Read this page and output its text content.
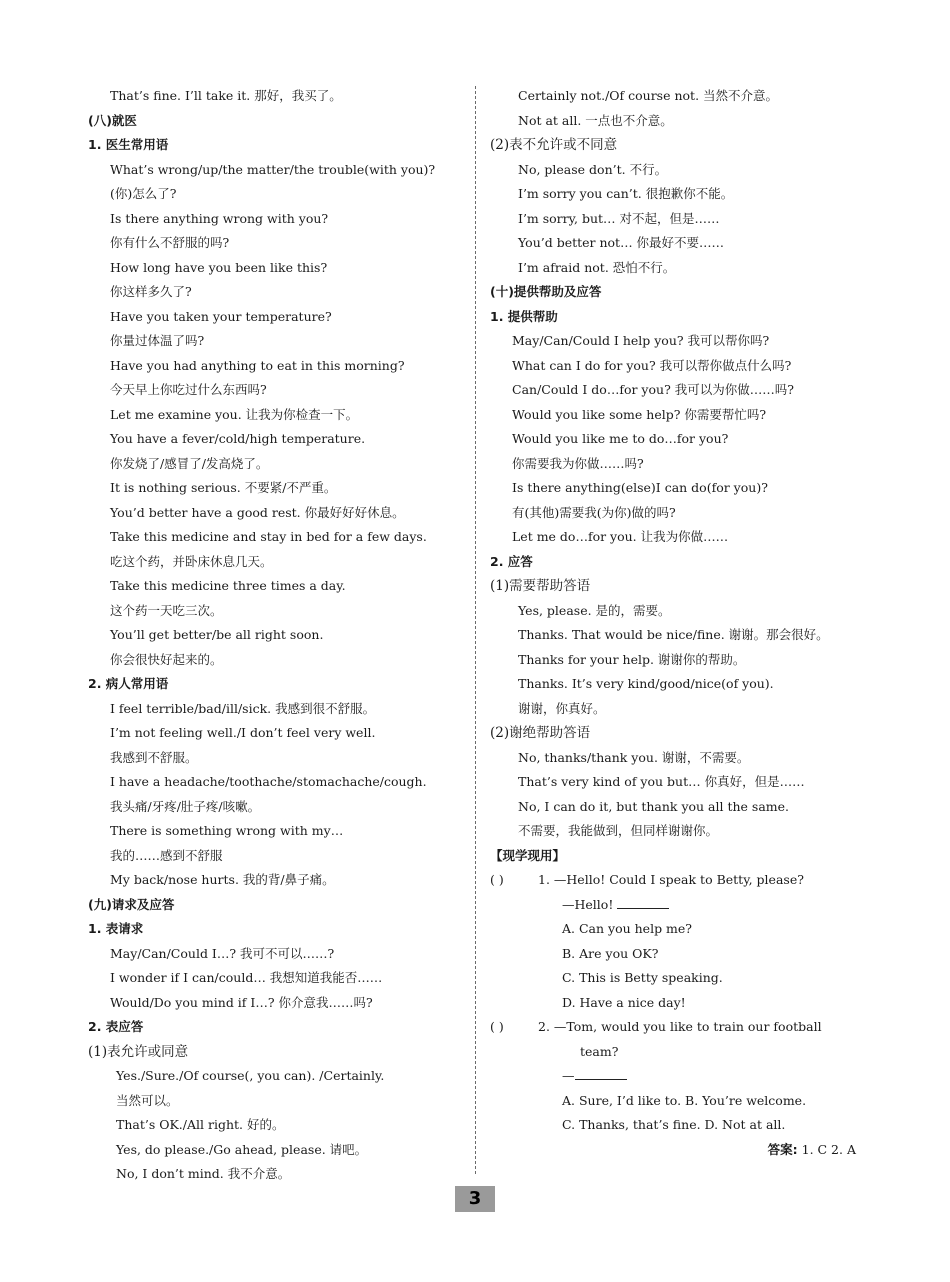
That’s fine. I’ll take it. 那好，我买了。
(八)就医
1. 医生常用语
What’s wrong/up/the matter/the trouble(with you)?
(你)怎么了?
Is there anything wrong with you?
你有什么不舒服的吗?
How long have you been like this?
你这样多久了?
Have you taken your temperature?
你量过体温了吗?
Have you had anything to eat in this morning?
今天早上你吃过什么东西吗?
Let me examine you. 让我为你检查一下。
You have a fever/cold/high temperature.
你发烧了/感冒了/发高烧了。
It is nothing serious. 不要紧/不严重。
You’d better have a good rest. 你最好好好休息。
Take this medicine and stay in bed for a few days.
吃这个药，并卧床休息几天。
Take this medicine three times a day.
这个药一天吃三次。
You’ll get better/be all right soon.
你会很快好起来的。
2. 病人常用语
I feel terrible/bad/ill/sick. 我感到很不舒服。
I’m not feeling well./I don’t feel very well.
我感到不舒服。
I have a headache/toothache/stomachache/cough.
我头痛/牙疼/肚子疼/咳嗽。
There is something wrong with my…
我的……感到不舒服
My back/nose hurts. 我的背/鼻子痛。
(九)请求及应答
1. 表请求
May/Can/Could I…? 我可不可以……?
I wonder if I can/could… 我想知道我能否……
Would/Do you mind if I…? 你介意我……吗?
2. 表应答
(1)表允许或同意
Yes./Sure./Of course(, you can). /Certainly.
当然可以。
That’s OK./All right. 好的。
Yes, do please./Go ahead, please. 请吧。
No, I don’t mind. 我不介意。
Certainly not./Of course not. 当然不介意。
Not at all. 一点也不介意。
(2)表不允许或不同意
No, please don’t. 不行。
I’m sorry you can’t. 很抱歉你不能。
I’m sorry, but… 对不起，但是……
You’d better not… 你最好不要……
I’m afraid not. 恐怕不行。
(十)提供帮助及应答
1. 提供帮助
May/Can/Could I help you? 我可以帮你吗?
What can I do for you? 我可以帮你做点什么吗?
Can/Could I do…for you? 我可以为你做……吗?
Would you like some help? 你需要帮忙吗?
Would you like me to do…for you?
你需要我为你做……吗?
Is there anything(else)I can do(for you)?
有(其他)需要我(为你)做的吗?
Let me do…for you. 让我为你做……
2. 应答
(1)需要帮助答语
Yes, please. 是的，需要。
Thanks. That would be nice/fine. 谢谢。那会很好。
Thanks for your help. 谢谢你的帮助。
Thanks. It’s very kind/good/nice(of you).
谢谢，你真好。
(2)谢绝帮助答语
No, thanks/thank you. 谢谢，不需要。
That’s very kind of you but… 你真好，但是……
No, I can do it, but thank you all the same.
不需要，我能做到，但同样谢谢你。
【现学现用】
( )	1. —Hello! Could I speak to Betty, please?
—Hello!
A. Can you help me?
B. Are you OK?
C. This is Betty speaking.
D. Have a nice day!
( )	2. —Tom, would you like to train our football
team?
—
A. Sure, I’d like to. B. You’re welcome.
C. Thanks, that’s fine. D. Not at all.
答案: 1. C 2. A
3
